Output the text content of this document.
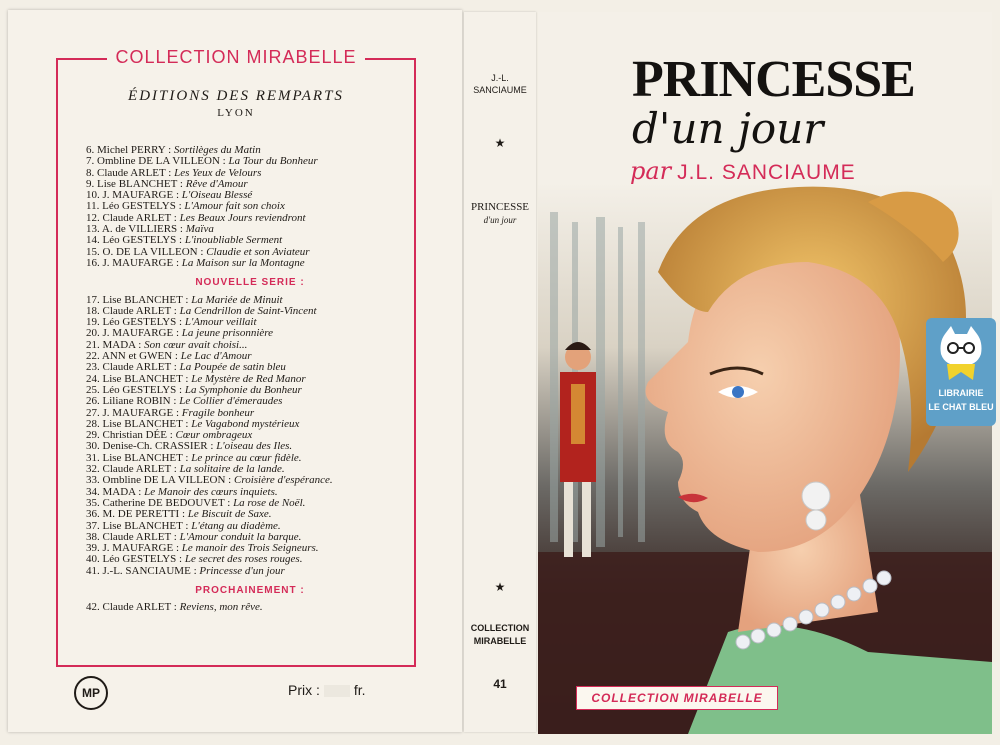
COLLECTION MIRABELLE
ÉDITIONS DES REMPARTS
LYON
6. Michel PERRY : Sortilèges du Matin
7. Ombline DE LA VILLEON : La Tour du Bonheur
8. Claude ARLET : Les Yeux de Velours
9. Lise BLANCHET : Rêve d'Amour
10. J. MAUFARGE : L'Oiseau Blessé
11. Léo GESTELYS : L'Amour fait son choix
12. Claude ARLET : Les Beaux Jours reviendront
13. A. de VILLIERS : Maïva
14. Léo GESTELYS : L'inoubliable Serment
15. O. DE LA VILLEON : Claudie et son Aviateur
16. J. MAUFARGE : La Maison sur la Montagne
NOUVELLE SERIE :
17. Lise BLANCHET : La Mariée de Minuit
18. Claude ARLET : La Cendrillon de Saint-Vincent
19. Léo GESTELYS : L'Amour veillait
20. J. MAUFARGE : La jeune prisonnière
21. MADA : Son cœur avait choisi...
22. ANN et GWEN : Le Lac d'Amour
23. Claude ARLET : La Poupée de satin bleu
24. Lise BLANCHET : Le Mystère de Red Manor
25. Léo GESTELYS : La Symphonie du Bonheur
26. Liliane ROBIN : Le Collier d'émeraudes
27. J. MAUFARGE : Fragile bonheur
28. Lise BLANCHET : Le Vagabond mystérieux
29. Christian DÉE : Cœur ombrageux
30. Denise-Ch. CRASSIER : L'oiseau des Iles.
31. Lise BLANCHET : Le prince au cœur fidèle.
32. Claude ARLET : La solitaire de la lande.
33. Ombline DE LA VILLEON : Croisière d'espérance.
34. MADA : Le Manoir des cœurs inquiets.
35. Catherine DE BEDOUVET : La rose de Noël.
36. M. DE PERETTI : Le Biscuit de Saxe.
37. Lise BLANCHET : L'étang au diadème.
38. Claude ARLET : L'Amour conduit la barque.
39. J. MAUFARGE : Le manoir des Trois Seigneurs.
40. Léo GESTELYS : Le secret des roses rouges.
41. J.-L. SANCIAUME : Princesse d'un jour
PROCHAINEMENT :
42. Claude ARLET : Reviens, mon rêve.
MP	Prix : fr.
J.-L.
SANCIAUME
★
PRINCESSE
d'un jour
★
COLLECTION
MIRABELLE
41
PRINCESSE
d'un jour
par J.L. SANCIAUME
COLLECTION MIRABELLE
LIBRAIRIE
LE CHAT BLEU
